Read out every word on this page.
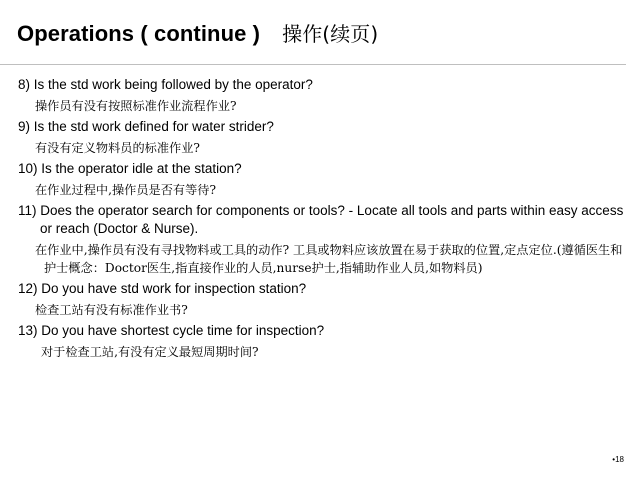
Operations ( continue ) 操作(续页)

8) Is the std work being followed by the operator?

操作员有没有按照标准作业流程作业?

9) Is the std work defined for water strider?

有没有定义物料员的标准作业?

10) Is the operator idle at the station?

在作业过程中,操作员是否有等待?

11) Does the operator search for components or tools? - Locate all tools and parts within easy access or reach (Doctor & Nurse).

在作业中,操作员有没有寻找物料或工具的动作? 工具或物料应该放置在易于获取的位置,定点定位.(遵循医生和护士概念：Doctor医生,指直接作业的人员,nurse护士,指辅助作业人员,如物料员)

12) Do you have std work for inspection station?

检查工站有没有标准作业书?

13) Do you have shortest cycle time for inspection?

对于检查工站,有没有定义最短周期时间?

•18
